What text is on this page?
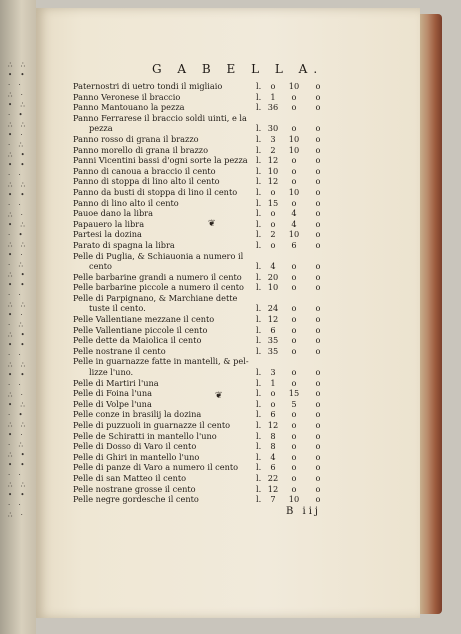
∴ ∴
• •
· ·
∴ ·
• ∴
· •
∴ ∴
• ·
· ∴
∴ •
• •
· ·
∴ ∴
• •
· ·
∴ ·
• ∴
· •
∴ ∴
• ·
· ∴
∴ •
• •
· ·
∴ ∴
• ·
· ∴
∴ •
• •
· ·
∴ ∴
• •
· ·
∴ ·
• ∴
· •
∴ ∴
• ·
· ∴
∴ •
• •
· ·
∴ ∴
• •
· ·
∴ ·
G A B E L L A.
Paternostri di uetro tondi il migliaio	l.	o	10	o
Panno Veronese il braccio	l.	1	o	o
Panno Mantouano la pezza	l. 36	o	o
Panno Ferrarese il braccio soldi uinti, e la
pezza	l. 30	o	o
Panno rosso di grana il brazzo	l.	3	10	o
Panno morello di grana il brazzo	l.	2	10	o
Panni Vicentini bassi d'ogni sorte la pezza l. 12	o	o
Panno di canoua a braccio il cento	l. 10	o	o
Panno di stoppa di lino alto il cento	l. 12	o	o
Panno da busti di stoppa di lino il cento l.	o	10	o
Panno di lino alto il cento	l. 15	o	o
Pauoe dano la libra	l.	o	4	o
Papauero la libra	l.	o	4	o
Partesi la dozina	l.	2	10	o
Parato di spagna la libra	l.	o	6	o
Pelle di Puglia, & Schiauonia a numero il
cento	l.	4	o	o
Pelle barbarine grandi a numero il cento l. 20	o	o
Pelle barbarine piccole a numero il cento l. 10	o	o
Pelle di Parpignano, & Marchiane dette
tuste il cento.	l. 24	o	o
Pelle Vallentiane mezzane il cento	l. 12	o	o
Pelle Vallentiane piccole il cento	l.	6	o	o
Pelle dette da Maiolica il cento	l. 35	o	o
Pelle nostrane il cento	l. 35	o	o
Pelle in guarnazze fatte in mantelli, & pel-
lizze l'uno.	l.	3	o	o
Pelle di Martiri l'una	l.	1	o	o
Pelle di Foina l'una	l.	o	15	o
Pelle di Volpe l'una	l.	o	5	o
Pelle conze in brasilij la dozina	l.	6	o	o
Pelle di puzzuoli in guarnazze il cento	l. 12	o	o
Pelle de Schiratti in mantello l'uno	l.	8	o	o
Pelle di Dosso di Varo il cento	l.	8	o	o
Pelle di Ghiri in mantello l'uno	l.	4	o	o
Pelle di panze di Varo a numero il cento l.	6	o	o
Pelle di san Matteo il cento	l. 22	o	o
Pelle nostrane grosse il cento	l. 12	o	o
Pelle negre gordesche il cento	l.	7	10	o
❦
❦
B iij
